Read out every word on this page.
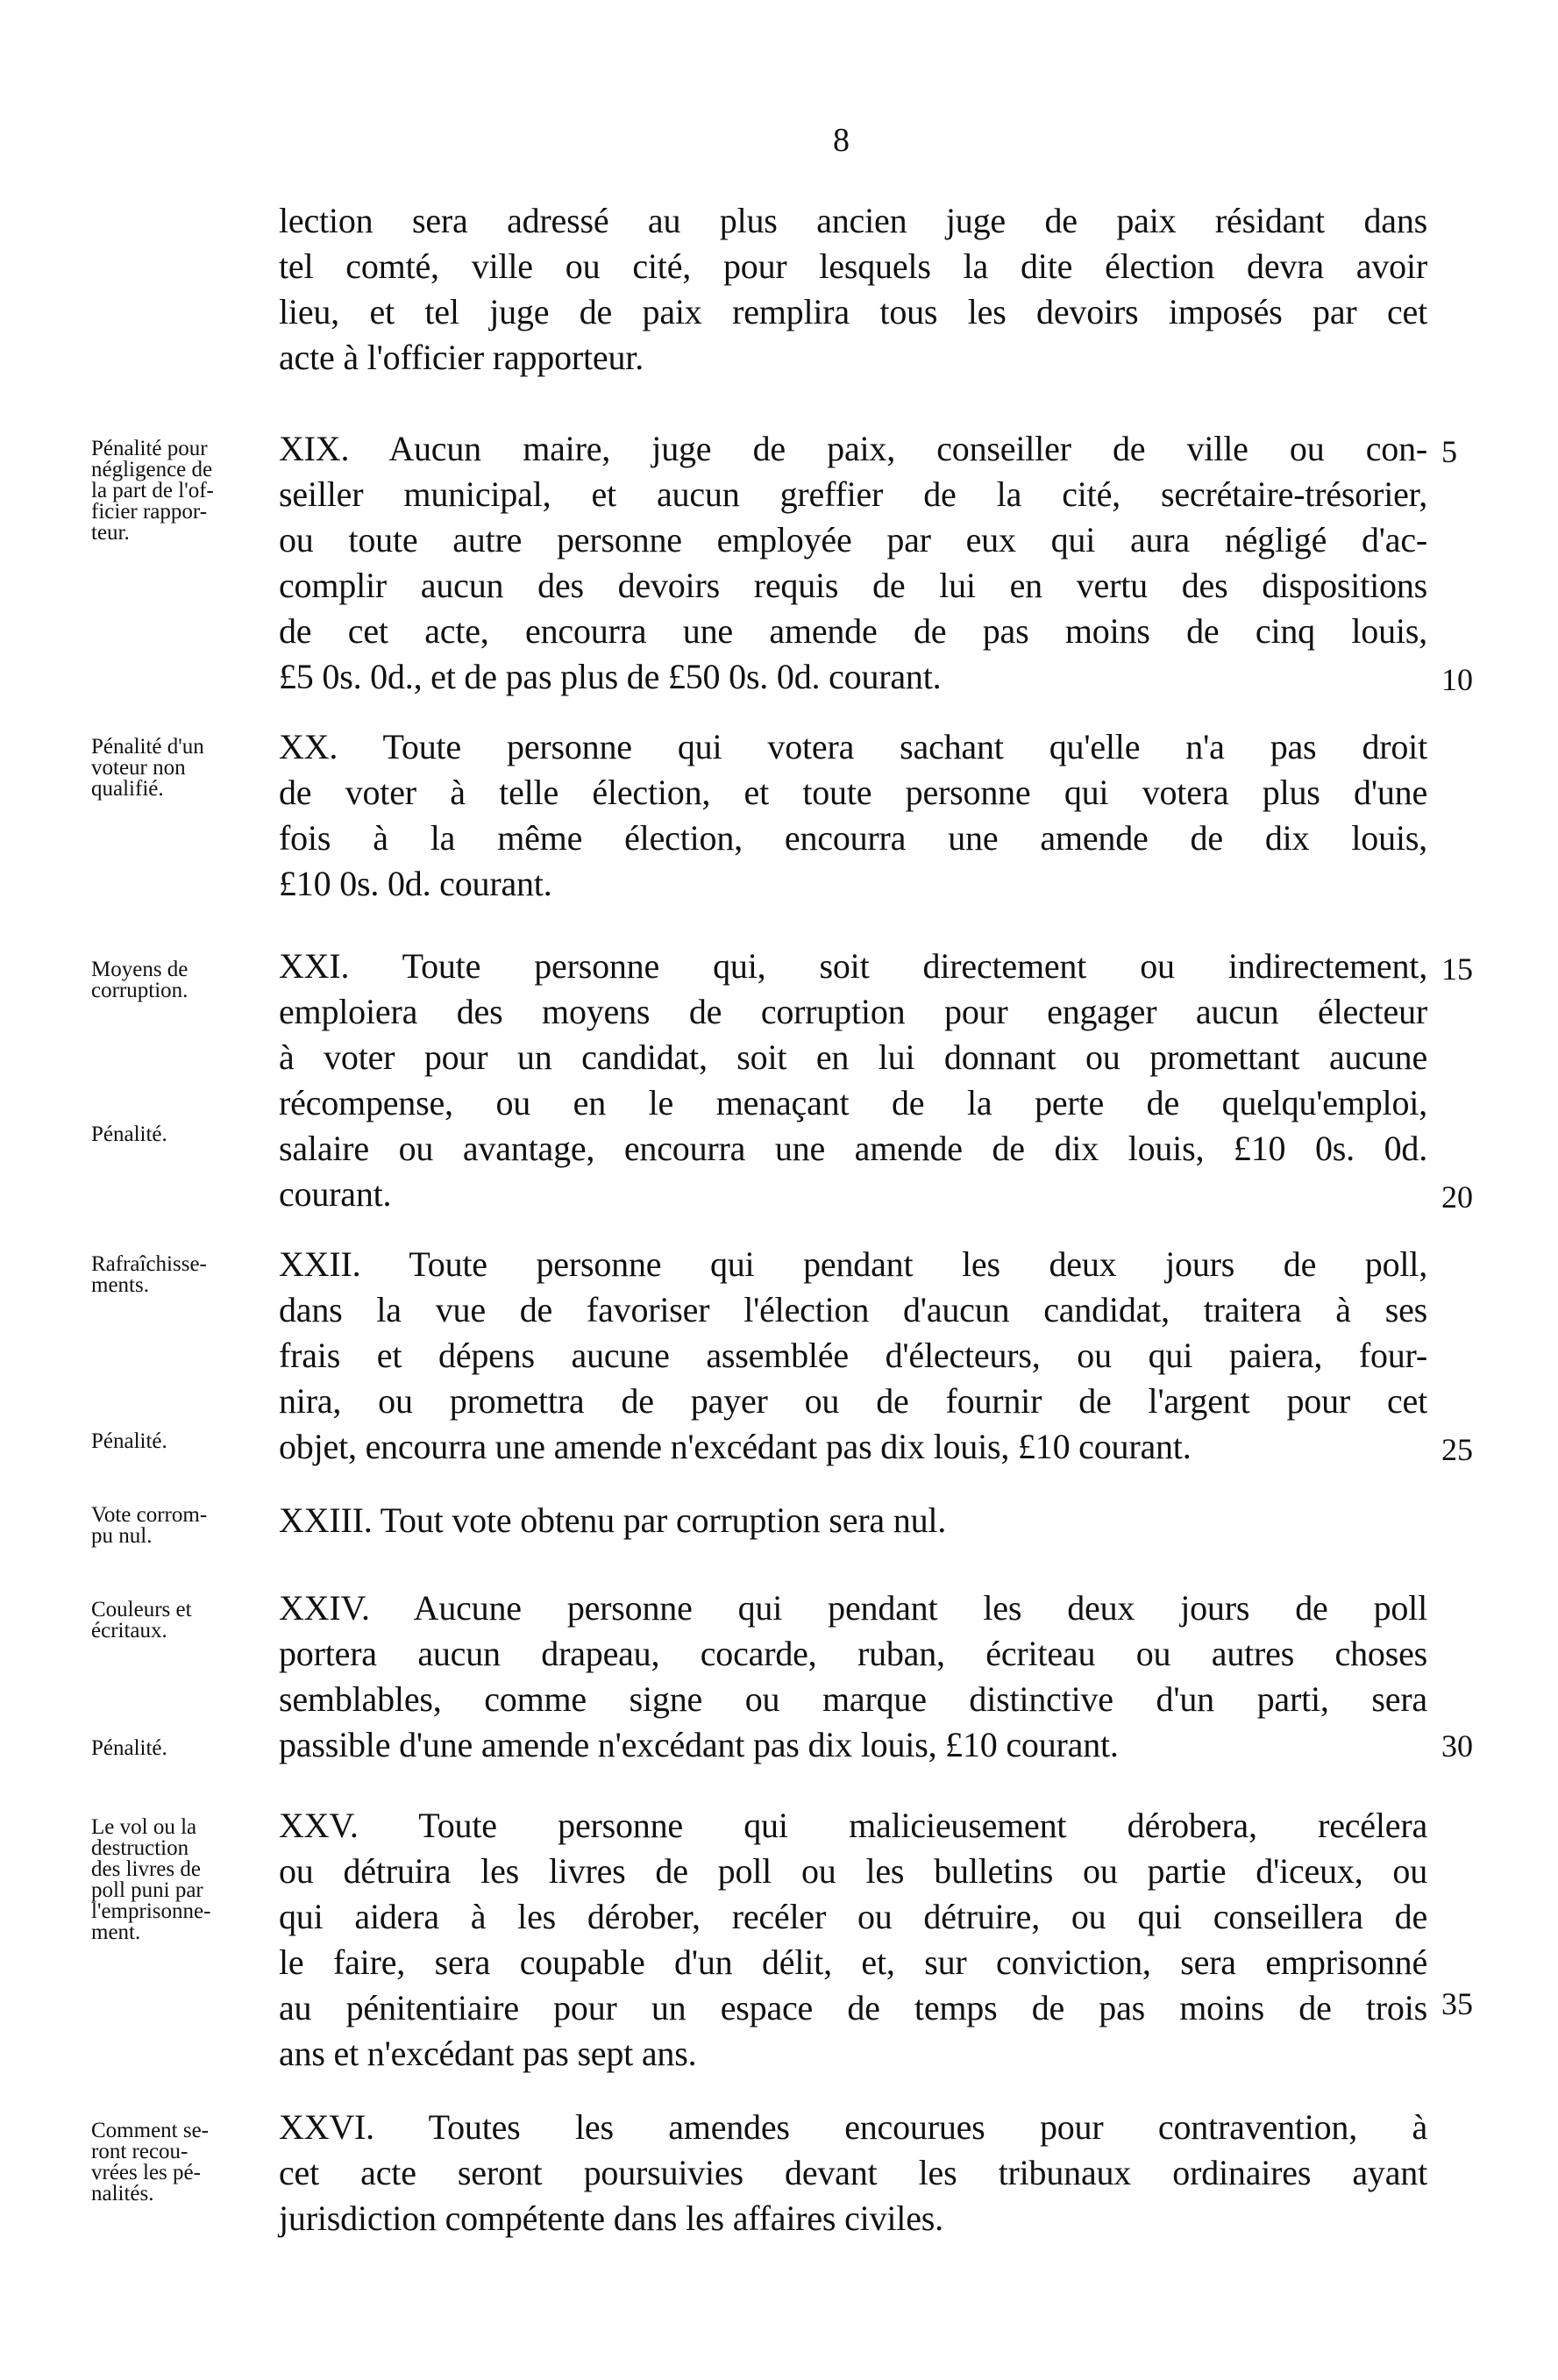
8
lection sera adressé au plus ancien juge de paix résidant dans
tel comté, ville ou cité, pour lesquels la dite élection devra avoir
lieu, et tel juge de paix remplira tous les devoirs imposés par cet
acte à l'officier rapporteur.
Pénalité pour
négligence de
la part de l'of-
ficier rappor-
teur.
XIX. Aucun maire, juge de paix, conseiller de ville ou con-
seiller municipal, et aucun greffier de la cité, secrétaire-trésorier,
ou toute autre personne employée par eux qui aura négligé d'ac-
complir aucun des devoirs requis de lui en vertu des dispositions
de cet acte, encourra une amende de pas moins de cinq louis,
£5 0s. 0d., et de pas plus de £50 0s. 0d. courant.
Pénalité d'un
voteur non
qualifié.
XX. Toute personne qui votera sachant qu'elle n'a pas droit
de voter à telle élection, et toute personne qui votera plus d'une
fois à la même élection, encourra une amende de dix louis,
£10 0s. 0d. courant.
Moyens de
corruption.
Pénalité.
XXI. Toute personne qui, soit directement ou indirectement,
emploiera des moyens de corruption pour engager aucun électeur
à voter pour un candidat, soit en lui donnant ou promettant aucune
récompense, ou en le menaçant de la perte de quelqu'emploi,
salaire ou avantage, encourra une amende de dix louis, £10 0s. 0d.
courant.
Rafraîchisse-
ments.
Pénalité.
XXII. Toute personne qui pendant les deux jours de poll,
dans la vue de favoriser l'élection d'aucun candidat, traitera à ses
frais et dépens aucune assemblée d'électeurs, ou qui paiera, four-
nira, ou promettra de payer ou de fournir de l'argent pour cet
objet, encourra une amende n'excédant pas dix louis, £10 courant.
Vote corrom-
pu nul.	XXIII. Tout vote obtenu par corruption sera nul.
Couleurs et
écritaux.
Pénalité.
XXIV. Aucune personne qui pendant les deux jours de poll
portera aucun drapeau, cocarde, ruban, écriteau ou autres choses
semblables, comme signe ou marque distinctive d'un parti, sera
passible d'une amende n'excédant pas dix louis, £10 courant.
Le vol ou la
destruction
des livres de
poll puni par
l'emprisonne-
ment.
XXV. Toute personne qui malicieusement dérobera, recélera
ou détruira les livres de poll ou les bulletins ou partie d'iceux, ou
qui aidera à les dérober, recéler ou détruire, ou qui conseillera de
le faire, sera coupable d'un délit, et, sur conviction, sera emprisonné
au pénitentiaire pour un espace de temps de pas moins de trois
ans et n'excédant pas sept ans.
Comment se-
ront recou-
vrées les pé-
nalités.
XXVI. Toutes les amendes encourues pour contravention, à
cet acte seront poursuivies devant les tribunaux ordinaires ayant
jurisdiction compétente dans les affaires civiles.
5
10
15
20
25
30
35
